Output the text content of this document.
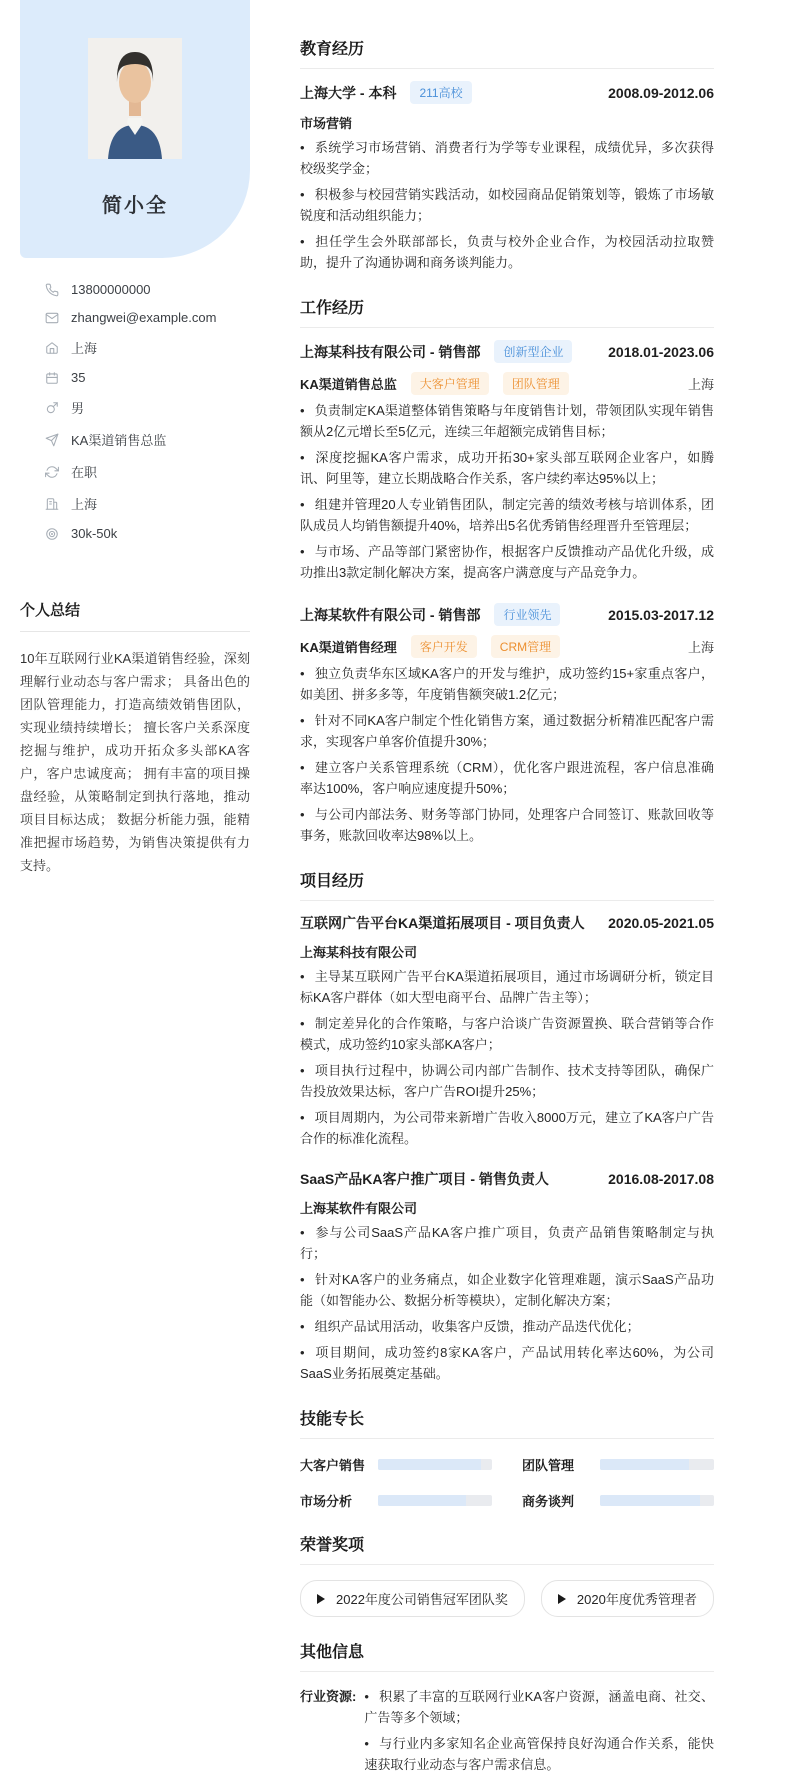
简小全
13800000000
zhangwei@example.com
上海
35
男
KA渠道销售总监
在职
上海
30k-50k
个人总结

10年互联网行业KA渠道销售经验，深刻理解行业动态与客户需求； 具备出色的团队管理能力，打造高绩效销售团队，实现业绩持续增长； 擅长客户关系深度挖掘与维护，成功开拓众多头部KA客户，客户忠诚度高； 拥有丰富的项目操盘经验，从策略制定到执行落地，推动项目目标达成； 数据分析能力强，能精准把握市场趋势，为销售决策提供有力支持。

教育经历
上海大学 - 本科	211高校	2008.09-2012.06
市场营销
• 系统学习市场营销、消费者行为学等专业课程，成绩优异，多次获得校级奖学金；
• 积极参与校园营销实践活动，如校园商品促销策划等，锻炼了市场敏锐度和活动组织能力；
• 担任学生会外联部部长，负责与校外企业合作，为校园活动拉取赞助，提升了沟通协调和商务谈判能力。
工作经历
上海某科技有限公司 - 销售部	创新型企业	2018.01-2023.06
KA渠道销售总监	大客户管理	团队管理	上海
• 负责制定KA渠道整体销售策略与年度销售计划，带领团队实现年销售额从2亿元增长至5亿元，连续三年超额完成销售目标；
• 深度挖掘KA客户需求，成功开拓30+家头部互联网企业客户，如腾讯、阿里等，建立长期战略合作关系，客户续约率达95%以上；
• 组建并管理20人专业销售团队，制定完善的绩效考核与培训体系，团队成员人均销售额提升40%，培养出5名优秀销售经理晋升至管理层；
• 与市场、产品等部门紧密协作，根据客户反馈推动产品优化升级，成功推出3款定制化解决方案，提高客户满意度与产品竞争力。
上海某软件有限公司 - 销售部	行业领先	2015.03-2017.12
KA渠道销售经理	客户开发	CRM管理	上海
• 独立负责华东区域KA客户的开发与维护，成功签约15+家重点客户，如美团、拼多多等，年度销售额突破1.2亿元；
• 针对不同KA客户制定个性化销售方案，通过数据分析精准匹配客户需求，实现客户单客价值提升30%；
• 建立客户关系管理系统（CRM），优化客户跟进流程，客户信息准确率达100%，客户响应速度提升50%；
• 与公司内部法务、财务等部门协同，处理客户合同签订、账款回收等事务，账款回收率达98%以上。
项目经历
互联网广告平台KA渠道拓展项目 - 项目负责人 2020.05-2021.05
上海某科技有限公司
• 主导某互联网广告平台KA渠道拓展项目，通过市场调研分析，锁定目标KA客户群体（如大型电商平台、品牌广告主等）；
• 制定差异化的合作策略，与客户洽谈广告资源置换、联合营销等合作模式，成功签约10家头部KA客户；
• 项目执行过程中，协调公司内部广告制作、技术支持等团队，确保广告投放效果达标，客户广告ROI提升25%；
• 项目周期内，为公司带来新增广告收入8000万元，建立了KA客户广告合作的标准化流程。
SaaS产品KA客户推广项目 - 销售负责人	2016.08-2017.08
上海某软件有限公司
• 参与公司SaaS产品KA客户推广项目，负责产品销售策略制定与执行；
• 针对KA客户的业务痛点，如企业数字化管理难题，演示SaaS产品功能（如智能办公、数据分析等模块），定制化解决方案；
• 组织产品试用活动，收集客户反馈，推动产品迭代优化；
• 项目期间，成功签约8家KA客户，产品试用转化率达60%，为公司SaaS业务拓展奠定基础。
技能专长
大客户销售	团队管理
市场分析	商务谈判
荣誉奖项
2022年度公司销售冠军团队奖	2020年度优秀管理者
其他信息
行业资源:	• 积累了丰富的互联网行业KA客户资源，涵盖电商、社交、广告等多个领域；
• 与行业内多家知名企业高管保持良好沟通合作关系，能快速获取行业动态与客户需求信息。
